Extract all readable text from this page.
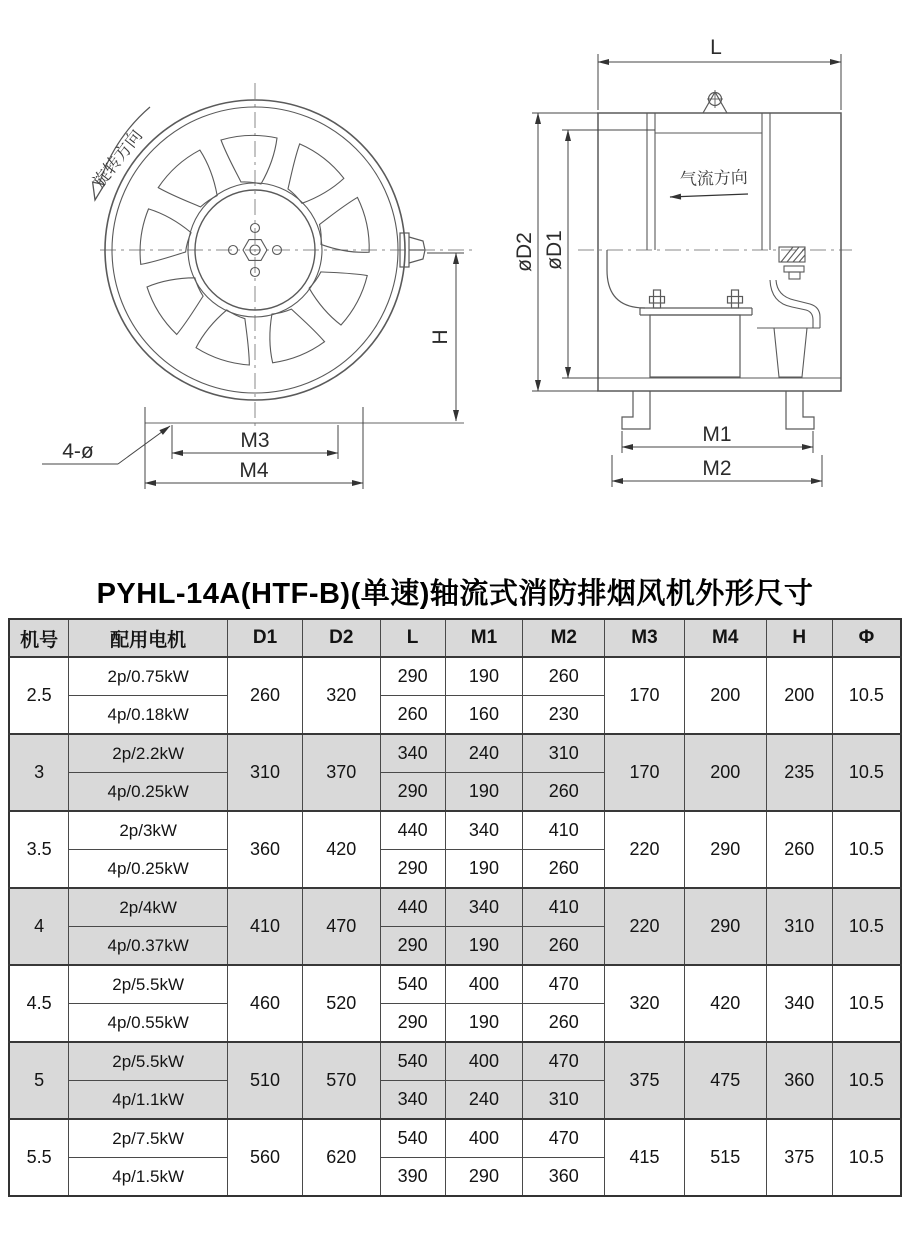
旋转方向
4-ø	M3
M4
H
L
气流方向
øD2 øD1
M1
M2
PYHL-14A(HTF-B)(单速)轴流式消防排烟风机外形尺寸
机号	配用电机	D1	D2	L	M1	M2	M3	M4	H	Φ
2.5	2p/0.75kW	260	320	290	190	260	170	200	200	10.5
	4p/0.18kW			260	160	230				
3	2p/2.2kW	310	370	340	240	310	170	200	235	10.5
	4p/0.25kW			290	190	260				
3.5	2p/3kW	360	420	440	340	410	220	290	260	10.5
	4p/0.25kW			290	190	260				
4	2p/4kW	410	470	440	340	410	220	290	310	10.5
	4p/0.37kW			290	190	260				
4.5	2p/5.5kW	460	520	540	400	470	320	420	340	10.5
	4p/0.55kW			290	190	260				
5	2p/5.5kW	510	570	540	400	470	375	475	360	10.5
	4p/1.1kW			340	240	310				
5.5	2p/7.5kW	560	620	540	400	470	415	515	375	10.5
	4p/1.5kW			390	290	360				
